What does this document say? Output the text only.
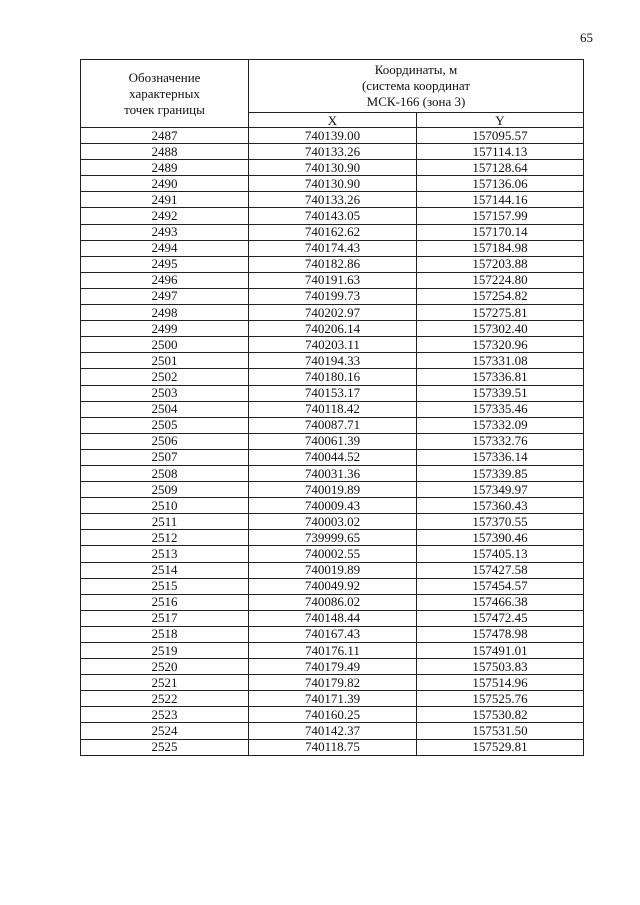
65
Обозначение
характерных
точек границы	Координаты, м
(система координат
МСК-166 (зона 3)	

	X	Y
2487	740139.00	157095.57
2488	740133.26	157114.13
2489	740130.90	157128.64
2490	740130.90	157136.06
2491	740133.26	157144.16
2492	740143.05	157157.99
2493	740162.62	157170.14
2494	740174.43	157184.98
2495	740182.86	157203.88
2496	740191.63	157224.80
2497	740199.73	157254.82
2498	740202.97	157275.81
2499	740206.14	157302.40
2500	740203.11	157320.96
2501	740194.33	157331.08
2502	740180.16	157336.81
2503	740153.17	157339.51
2504	740118.42	157335.46
2505	740087.71	157332.09
2506	740061.39	157332.76
2507	740044.52	157336.14
2508	740031.36	157339.85
2509	740019.89	157349.97
2510	740009.43	157360.43
2511	740003.02	157370.55
2512	739999.65	157390.46
2513	740002.55	157405.13
2514	740019.89	157427.58
2515	740049.92	157454.57
2516	740086.02	157466.38
2517	740148.44	157472.45
2518	740167.43	157478.98
2519	740176.11	157491.01
2520	740179.49	157503.83
2521	740179.82	157514.96
2522	740171.39	157525.76
2523	740160.25	157530.82
2524	740142.37	157531.50
2525	740118.75	157529.81
